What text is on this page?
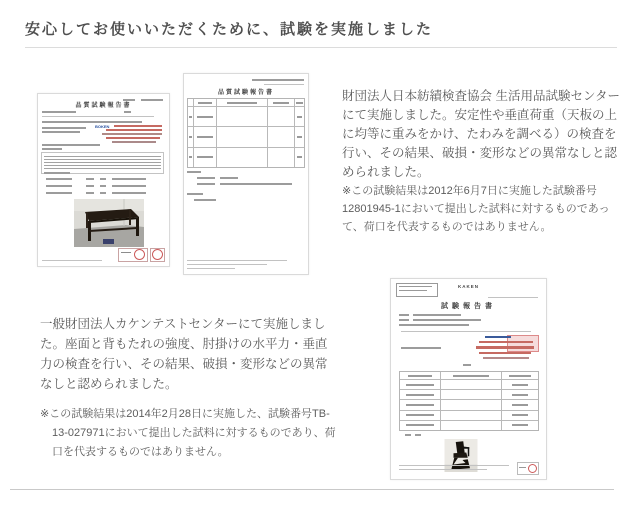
安心してお使いいただくために、試験を実施しました
品質試験報告書
BOKEN
品質試験報告書	財団法人日本紡績検査協会 生活用品試験センターにて実施しました。安定性や垂直荷重（天板の上に均等に重みをかけ、たわみを調べる）の検査を行い、その結果、破損・変形などの異常なしと認められました。

※この試験結果は2012年6月7日に実施した試験番号12801945-1において提出した試料に対するものであって、荷口を代表するものではありません。

一般財団法人カケンテストセンターにて実施しました。座面と背もたれの強度、肘掛けの水平力・垂直力の検査を行い、その結果、破損・変形などの異常なしと認められました。

※この試験結果は2014年2月28日に実施した、試験番号TB-13-027971において提出した試料に対するものであり、荷口を代表するものではありません。

KAKEN
試験報告書
